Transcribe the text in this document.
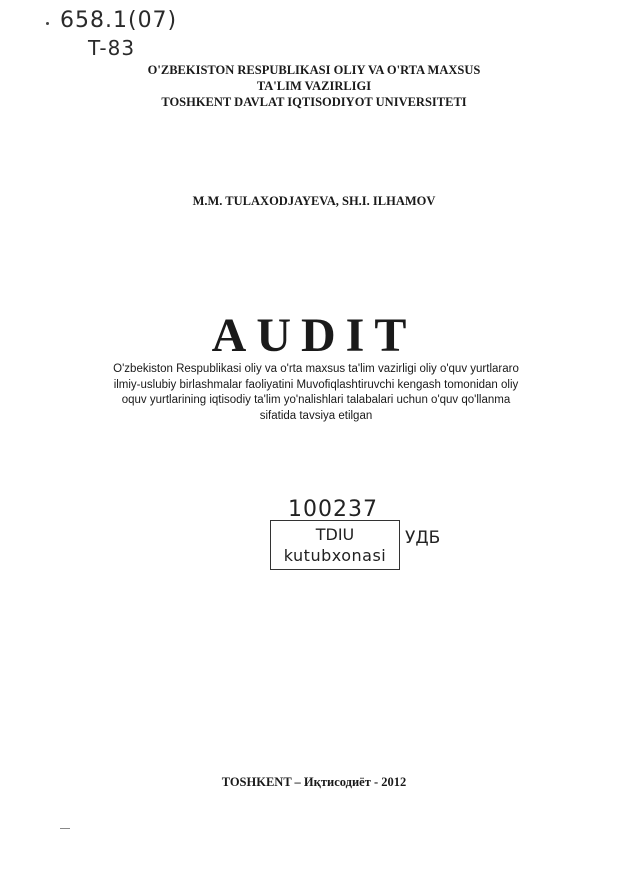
658.1(07)
T-83
O'ZBEKISTON RESPUBLIKASI OLIY VA O'RTA MAXSUS
TA'LIM VAZIRLIGI
TOSHKENT DAVLAT IQTISODIYOT UNIVERSITETI
M.M. TULAXODJAYEVA, SH.I. ILHAMOV
AUDIT
O'zbekiston Respublikasi oliy va o'rta maxsus ta'lim vazirligi oliy o'quv yurtlararo
ilmiy-uslubiy birlashmalar faoliyatini Muvofiqlashtiruvchi kengash tomonidan oliy
oquv yurtlarining iqtisodiy ta'lim yo'nalishlari talabalari uchun o'quv qo'llanma
sifatida tavsiya etilgan
100237
TDIU
kutubxonasi
УДБ
TOSHKENT – Иқтисодиёт - 2012
